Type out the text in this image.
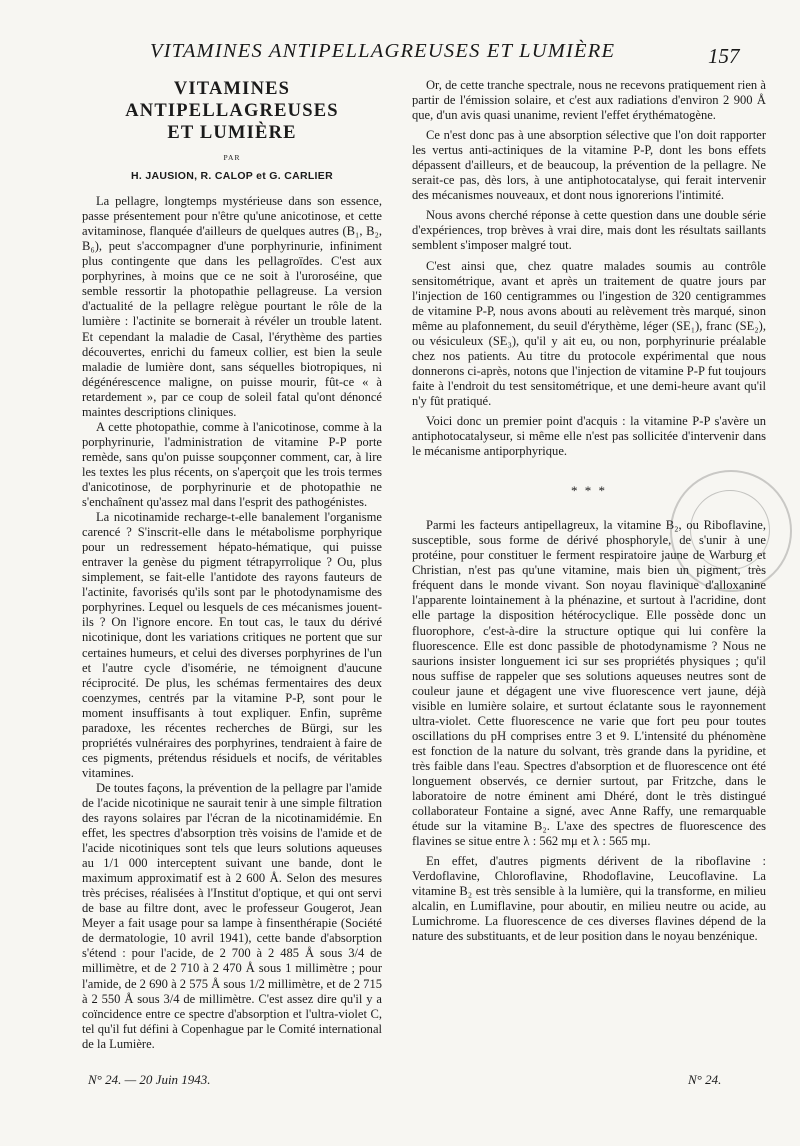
VITAMINES ANTIPELLAGREUSES ET LUMIÈRE	157
VITAMINES
ANTIPELLAGREUSES
ET LUMIÈRE
PAR
H. JAUSION, R. CALOP et G. CARLIER

La pellagre, longtemps mystérieuse dans son essence, passe présentement pour n'être qu'une anicotinose, et cette avitaminose, flanquée d'ailleurs de quelques autres (B₁, B₂, B₆), peut s'accompagner d'une porphyrinurie, infiniment plus contingente que dans les pellagroïdes. C'est aux porphyrines, à moins que ce ne soit à l'uroroséine, que semble ressortir la photopathie pellagreuse. La version d'actualité de la pellagre relègue pourtant le rôle de la lumière : l'actinite se bornerait à révéler un trouble latent. Et cependant la maladie de Casal, l'érythème des parties découvertes, enrichi du fameux collier, est bien la seule maladie de lumière dont, sans séquelles biotropiques, ni dégénérescence maligne, on puisse mourir, fût-ce « à retardement », par ce coup de soleil fatal qu'ont dénoncé maintes descriptions cliniques.

A cette photopathie, comme à l'anicotinose, comme à la porphyrinurie, l'administration de vitamine P-P porte remède, sans qu'on puisse soupçonner comment, car, à lire les textes les plus récents, on s'aperçoit que les trois termes d'anicotinose, de porphyrinurie et de photopathie ne s'enchaînent qu'assez mal dans l'esprit des pathogénistes.

La nicotinamide recharge-t-elle banalement l'organisme carencé ? S'inscrit-elle dans le métabolisme porphyrique pour un redressement hépato-hématique, qui puisse entraver la genèse du pigment tétrapyrrolique ? Ou, plus simplement, se fait-elle l'antidote des rayons fauteurs de l'actinite, favorisés qu'ils sont par le photodynamisme des porphyrines. Lequel ou lesquels de ces mécanismes jouent-ils ? On l'ignore encore. En tout cas, le taux du dérivé nicotinique, dont les variations critiques ne portent que sur certaines humeurs, et celui des diverses porphyrines de l'un et l'autre cycle d'isomérie, ne témoignent d'aucune réciprocité. De plus, les schémas fermentaires des deux coenzymes, centrés par la vitamine P-P, sont pour le moment insuffisants à tout expliquer. Enfin, suprême paradoxe, les récentes recherches de Bürgi, sur les propriétés vulnéraires des porphyrines, tendraient à faire de ces pigments, prétendus résiduels et nocifs, de véritables vitamines.

De toutes façons, la prévention de la pellagre par l'amide de l'acide nicotinique ne saurait tenir à une simple filtration des rayons solaires par l'écran de la nicotinamidémie. En effet, les spectres d'absorption très voisins de l'amide et de l'acide nicotiniques sont tels que leurs solutions aqueuses au 1/1 000 interceptent suivant une bande, dont le maximum approximatif est à 2 600 Å. Selon des mesures très précises, réalisées à l'Institut d'optique, et qui ont servi de base au filtre dont, avec le professeur Gougerot, Jean Meyer a fait usage pour sa lampe à finsenthérapie (Société de dermatologie, 10 avril 1941), cette bande d'absorption s'étend : pour l'acide, de 2 700 à 2 485 Å sous 3/4 de millimètre, et de 2 710 à 2 470 Å sous 1 millimètre ; pour l'amide, de 2 690 à 2 575 Å sous 1/2 millimètre, et de 2 715 à 2 550 Å sous 3/4 de millimètre. C'est assez dire qu'il y a coïncidence entre ce spectre d'absorption et l'ultra-violet C, tel qu'il fut défini à Copenhague par le Comité international de la Lumière.

Or, de cette tranche spectrale, nous ne recevons pratiquement rien à partir de l'émission solaire, et c'est aux radiations d'environ 2 900 Å que, d'un avis quasi unanime, revient l'effet érythématogène.

Ce n'est donc pas à une absorption sélective que l'on doit rapporter les vertus anti-actiniques de la vitamine P-P, dont les bons effets dépassent d'ailleurs, et de beaucoup, la prévention de la pellagre. Ne serait-ce pas, dès lors, à une antiphotocatalyse, qui ferait intervenir des mécanismes nouveaux, et dont nous ignorerions l'intimité.

Nous avons cherché réponse à cette question dans une double série d'expériences, trop brèves à vrai dire, mais dont les résultats saillants semblent s'imposer malgré tout.

C'est ainsi que, chez quatre malades soumis au contrôle sensitométrique, avant et après un traitement de quatre jours par l'injection de 160 centigrammes ou l'ingestion de 320 centigrammes de vitamine P-P, nous avons abouti au relèvement très marqué, sinon même au plafonnement, du seuil d'érythème, léger (SE₁), franc (SE₂), ou vésiculeux (SE₃), qu'il y ait eu, ou non, porphyrinurie préalable chez nos patients. Au titre du protocole expérimental que nous donnerons ci-après, notons que l'injection de vitamine P-P fut toujours faite à l'endroit du test sensitométrique, et une demi-heure avant qu'il n'y fût pratiqué.

Voici donc un premier point d'acquis : la vitamine P-P s'avère un antiphotocatalyseur, si même elle n'est pas sollicitée d'intervenir dans le mécanisme antiporphyrique.

* * *

Parmi les facteurs antipellagreux, la vitamine B₂, ou Riboflavine, susceptible, sous forme de dérivé phosphoryle, de s'unir à une protéine, pour constituer le ferment respiratoire jaune de Warburg et Christian, n'est pas qu'une vitamine, mais bien un pigment, très fréquent dans le monde vivant. Son noyau flavinique d'alloxanine l'apparente lointainement à la phénazine, et surtout à l'acridine, dont elle partage la disposition hétérocyclique. Elle possède donc un fluorophore, c'est-à-dire la structure optique qui lui confère la fluorescence. Elle est donc passible de photodynamisme ? Nous ne saurions insister longuement ici sur ses propriétés physiques ; qu'il nous suffise de rappeler que ses solutions aqueuses neutres sont de couleur jaune et dégagent une vive fluorescence vert jaune, déjà visible en lumière solaire, et surtout éclatante sous le rayonnement ultra-violet. Cette fluorescence ne varie que fort peu pour toutes oscillations du pH comprises entre 3 et 9. L'intensité du phénomène est fonction de la nature du solvant, très grande dans la pyridine, et très faible dans l'eau. Spectres d'absorption et de fluorescence ont été longuement observés, ce dernier surtout, par Fritzche, dans le laboratoire de notre éminent ami Dhéré, dont le très distingué collaborateur Fontaine a signé, avec Anne Raffy, une remarquable étude sur la vitamine B₂. L'axe des spectres de fluorescence des flavines se situe entre λ : 562 mμ et λ : 565 mμ.

En effet, d'autres pigments dérivent de la riboflavine : Verdoflavine, Chloroflavine, Rhodoflavine, Leucoflavine. La vitamine B₂ est très sensible à la lumière, qui la transforme, en milieu alcalin, en Lumiflavine, pour aboutir, en milieu neutre ou acide, au Lumichrome. La fluorescence de ces diverses flavines dépend de la nature des substituants, et de leur position dans le noyau benzénique.

N° 24. — 20 Juin 1943.	N° 24.
